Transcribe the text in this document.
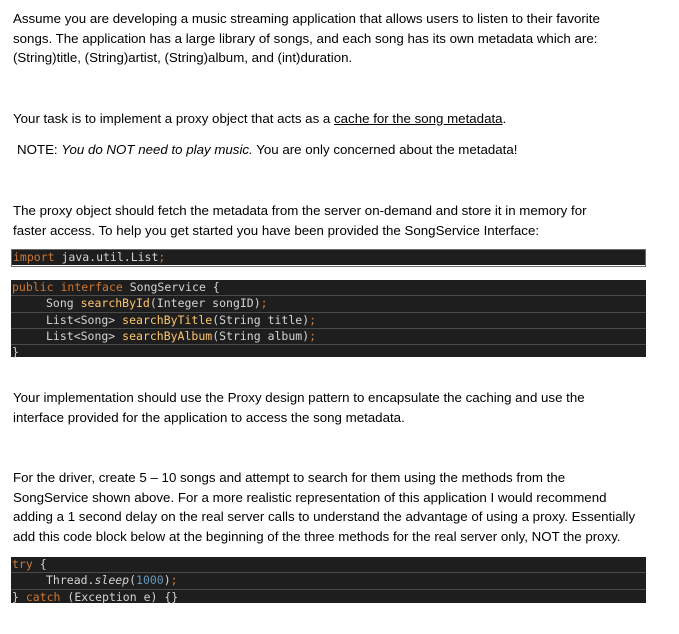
Assume you are developing a music streaming application that allows users to listen to their favorite
songs. The application has a large library of songs, and each song has its own metadata which are:
(String)title, (String)artist, (String)album, and (int)duration.
Your task is to implement a proxy object that acts as a cache for the song metadata.
NOTE: You do NOT need to play music. You are only concerned about the metadata!
The proxy object should fetch the metadata from the server on-demand and store it in memory for
faster access. To help you get started you have been provided the SongService Interface:
import java.util.List;
public interface SongService {
Song searchById(Integer songID);
List<Song> searchByTitle(String title);
List<Song> searchByAlbum(String album);
}
Your implementation should use the Proxy design pattern to encapsulate the caching and use the
interface provided for the application to access the song metadata.
For the driver, create 5 – 10 songs and attempt to search for them using the methods from the
SongService shown above. For a more realistic representation of this application I would recommend
adding a 1 second delay on the real server calls to understand the advantage of using a proxy. Essentially
add this code block below at the beginning of the three methods for the real server only, NOT the proxy.
try {
Thread.sleep(1000);
} catch (Exception e) {}
